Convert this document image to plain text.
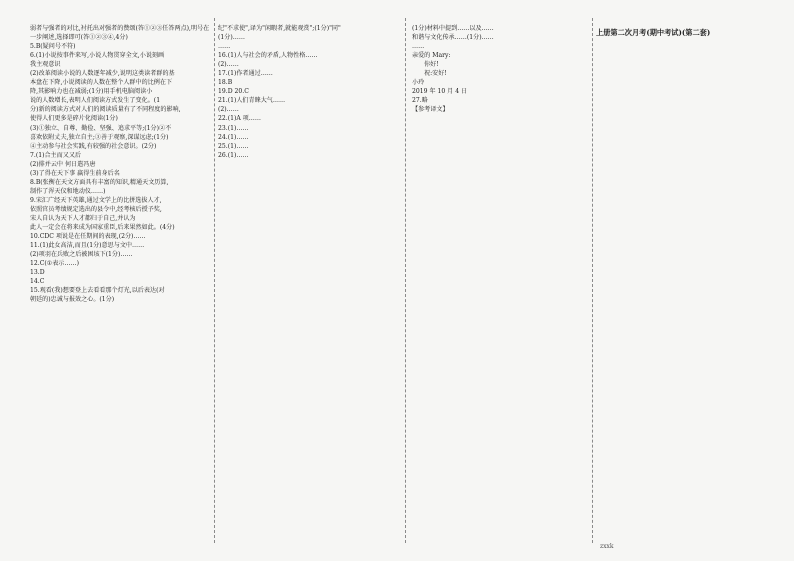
弱者与强者的对比,衬托出对强者的赞颂(答①②③任答两点),明号在

一步阐述,选择即可(答①②③④,4分)

5.B(疑问号不符)

6.(1)小说按事件来写,小说人物贯穿全文,小说刻画

我主观意识

(2)改革阅读小说的人数逐年减少,说明这类读者群的基

本盘在下降,小说阅读的人数在整个人群中的比例在下

降,其影响力也在减弱;(1分)用手机电脑阅读小

说的人数增长,表明人们阅读方式发生了变化。(1

分)新的阅读方式对人们的阅读质量有了不同程度的影响,

使得人们更多是碎片化阅读(1分)

(3)①独立、自尊、勤俭、坚强、追求平等;(1分)②不

喜欢依附丈夫,独立自主;③善于观察,深谋远虑;(1分)

④主动参与社会实践,有较强的社会意识。(2分)

7.(1)合主而又又后

(2)排并云中 何日遣冯唐

(3)了得在天下事 赢得生前身后名

8.B(张衡在天文方面具有丰富的知识,精通天文历算,

制作了浑天仪和地动仪……)

9.宋汇广经天下英雄,通过文学上的比拼选拔人才,

依照官员考绩规定选出的县令中,经考核后授予奖,

宋人自认为天下人才都归于自己,并认为

此人一定会在将来成为国家重臣,后来果然如此。(4分)

10.CDC 项说是在任期间的表现,(2分)……

11.(1)此女高洁,而且(1分)意思与文中……

(2)项羽在兵败之后被困垓下(1分)……

12.C(①表示……)

13.D

14.C

15.观看(我)想要登上去看看那个灯光,以后表达(对

朝廷的)忠诚与报效之心。(1分)

纪"不求使",译为"闲暇者,就能观赏";(1分)"同"

(1分)……

……

16.(1)人与社会的矛盾,人物性格……

(2)……

17.(1)作者通过……

18.B

19.D 20.C

21.(1)人们青睐大气……

(2)……

22.(1)A 项……

23.(1)……

24.(1)……

25.(1)……

26.(1)……

(1分)材料中提到……以及……

和谐与文化传承……(1分)……

……

亲爱的 Mary:

你好!

祝:安好!

小玲

2019 年 10 月 4 日

27.略

【参考译文】

上册第二次月考(期中考试)(第二套)
zxxk
